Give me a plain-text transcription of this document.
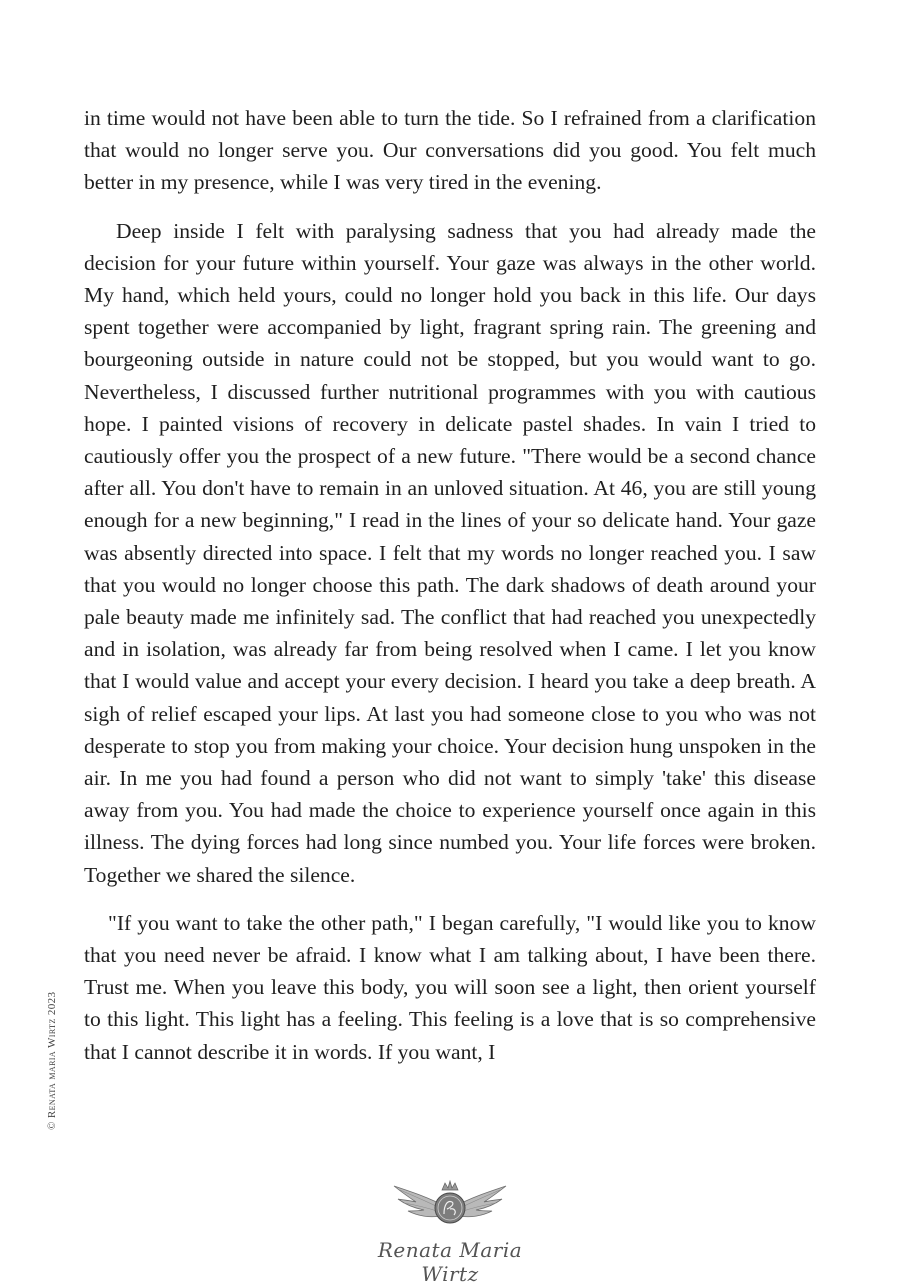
in time would not have been able to turn the tide. So I refrained from a clarification that would no longer serve you. Our conversations did you good. You felt much better in my presence, while I was very tired in the evening.

Deep inside I felt with paralysing sadness that you had already made the decision for your future within yourself. Your gaze was always in the other world. My hand, which held yours, could no longer hold you back in this life. Our days spent together were accompanied by light, fragrant spring rain. The greening and bourgeoning outside in nature could not be stopped, but you would want to go. Nevertheless, I discussed further nutritional programmes with you with cautious hope. I painted visions of recovery in delicate pastel shades. In vain I tried to cautiously offer you the prospect of a new future. "There would be a second chance after all. You don't have to remain in an unloved situation. At 46, you are still young enough for a new beginning," I read in the lines of your so delicate hand. Your gaze was absently directed into space. I felt that my words no longer reached you. I saw that you would no longer choose this path. The dark shadows of death around your pale beauty made me infinitely sad. The conflict that had reached you unexpectedly and in isolation, was already far from being resolved when I came. I let you know that I would value and accept your every decision. I heard you take a deep breath. A sigh of relief escaped your lips. At last you had someone close to you who was not desperate to stop you from making your choice. Your decision hung unspoken in the air. In me you had found a person who did not want to simply 'take' this disease away from you. You had made the choice to experience yourself once again in this illness. The dying forces had long since numbed you. Your life forces were broken. Together we shared the silence.

"If you want to take the other path," I began carefully, "I would like you to know that you need never be afraid. I know what I am talking about, I have been there. Trust me. When you leave this body, you will soon see a light, then orient yourself to this light. This light has a feeling. This feeling is a love that is so comprehensive that I cannot describe it in words. If you want, I

© Renata maria Wirtz 2023
Renata Maria Wirtz
